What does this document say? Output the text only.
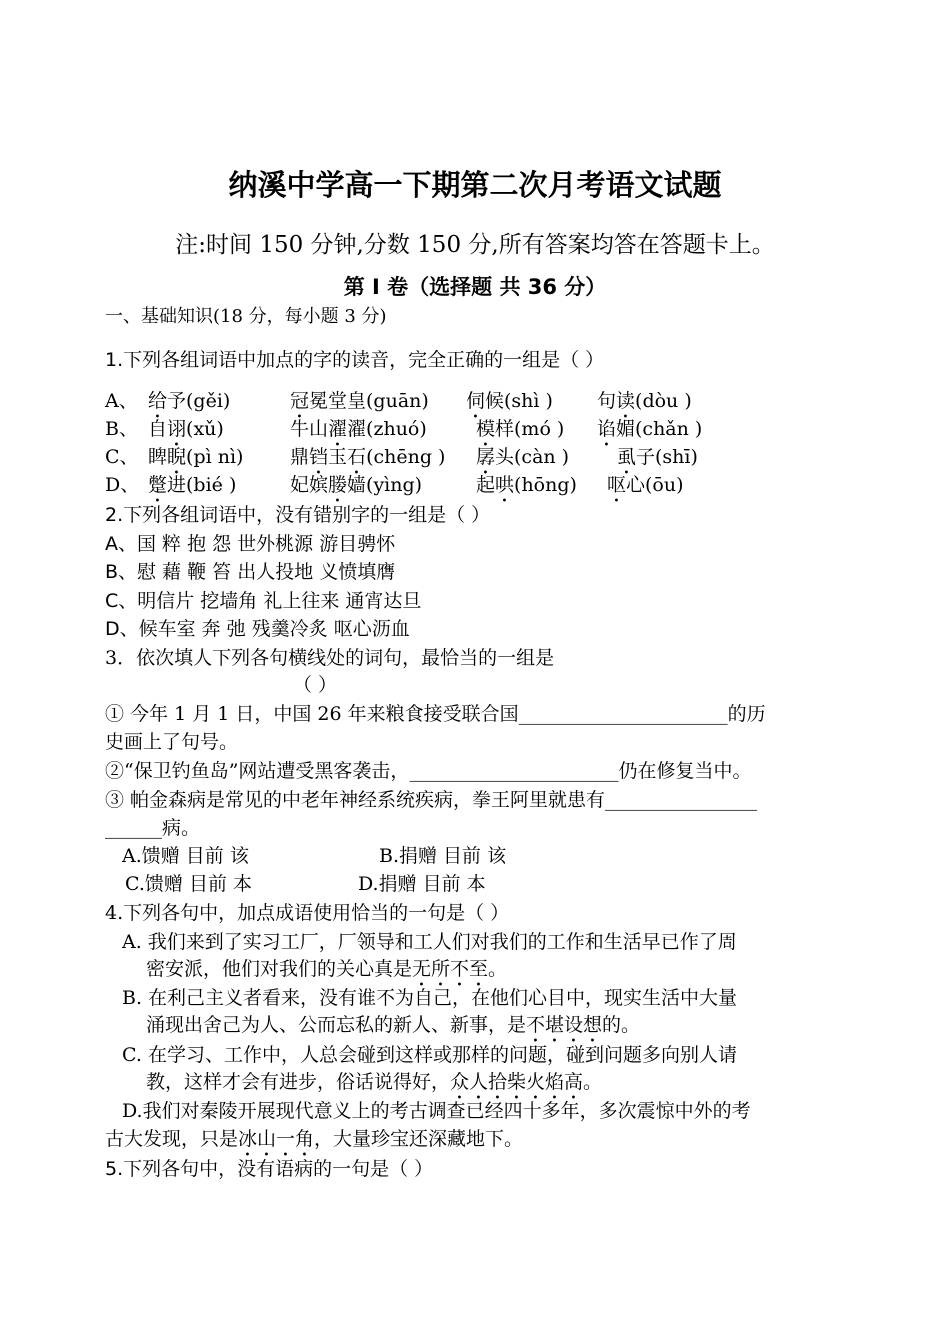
纳溪中学高一下期第二次月考语文试题
注:时间 150 分钟,分数 150 分,所有答案均答在答题卡上。
第 I 卷（选择题 共 36 分）
一、基础知识(18 分，每小题 3 分)
1.下列各组词语中加点的字的读音，完全正确的一组是（ ）
A、 给予(gěi)	冠冕堂皇(guān) 伺候(shì ) 句读(dòu )
B、 自诩(xǔ)	牛山濯濯(zhuó)	模样(mó ) 谄媚(chǎn )
C、 睥睨(pì nì) 鼎铛玉石(chēng ) 孱头(càn )	虱子(shī)
D、 蹩进(bié )	妃嫔媵嫱(yìng)	起哄(hōng) 呕心(ōu)
2.下列各组词语中，没有错别字的一组是（ ）
A、国 粹 抱 怨 世外桃源 游目骋怀
B、慰 藉 鞭 笞 出人投地 义愤填膺
C、明信片 挖墙角 礼上往来 通宵达旦
D、候车室 奔 弛 残羹冷炙 呕心沥血
3．依次填人下列各句横线处的词句，最恰当的一组是
（ ）
① 今年 1 月 1 日，中国 26 年来粮食接受联合国______________________的历
史画上了句号。
②“保卫钓鱼岛”网站遭受黑客袭击，______________________仍在修复当中。
③ 帕金森病是常见的中老年神经系统疾病，拳王阿里就患有________________
______病。
A.馈赠 目前 该	B.捐赠 目前 该
C.馈赠 目前 本	D.捐赠 目前 本
4.下列各句中，加点成语使用恰当的一句是（ ）
A. 我们来到了实习工厂，厂领导和工人们对我们的工作和生活早已作了周
密安派，他们对我们的关心真是无所不至。
B. 在利己主义者看来，没有谁不为自己，在他们心目中，现实生活中大量
涌现出舍己为人、公而忘私的新人、新事，是不堪设想的。
C. 在学习、工作中，人总会碰到这样或那样的问题，碰到问题多向别人请
教，这样才会有进步，俗话说得好，众人拾柴火焰高。
D.我们对秦陵开展现代意义上的考古调查已经四十多年，多次震惊中外的考
古大发现，只是冰山一角，大量珍宝还深藏地下。
5.下列各句中，没有语病的一句是（ ）
